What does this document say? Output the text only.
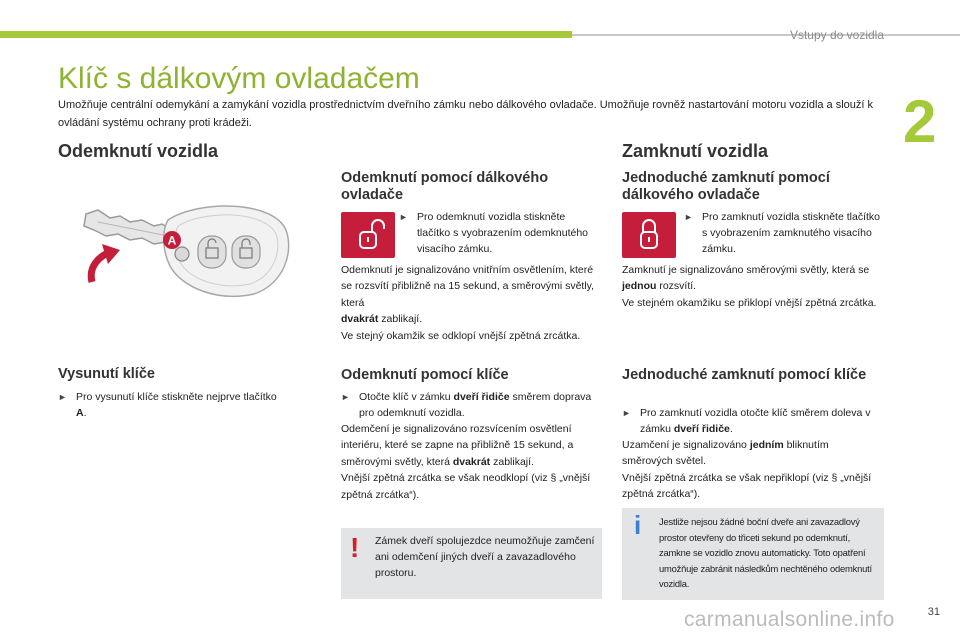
Vstupy do vozidla
2
Klíč s dálkovým ovladačem
Umožňuje centrální odemykání a zamykání vozidla prostřednictvím dveřního zámku nebo dálkového ovladače. Umožňuje rovněž nastartování motoru vozidla a slouží k ovládání systému ochrany proti krádeži.
Odemknutí vozidla
A
Vysunutí klíče
► Pro vysunutí klíče stiskněte nejprve tlačítko A.
Odemknutí pomocí dálkového ovladače
► Pro odemknutí vozidla stiskněte tlačítko s vyobrazením odemknutého visacího zámku.
Odemknutí je signalizováno vnitřním osvětlením, které se rozsvítí přibližně na 15 sekund, a směrovými světly, která
dvakrát zablikají.
Ve stejný okamžik se odklopí vnější zpětná zrcátka.
Odemknutí pomocí klíče
► Otočte klíč v zámku dveří řidiče směrem doprava pro odemknutí vozidla.
Odemčení je signalizováno rozsvícením osvětlení interiéru, které se zapne na přibližně 15 sekund, a směrovými světly, která dvakrát zablikají.
Vnější zpětná zrcátka se však neodklopí (viz § „vnější zpětná zrcátka“).
! Zámek dveří spolujezdce neumožňuje zamčení ani odemčení jiných dveří a zavazadlového prostoru.
Zamknutí vozidla
Jednoduché zamknutí pomocí dálkového ovladače
► Pro zamknutí vozidla stiskněte tlačítko s vyobrazením zamknutého visacího zámku.
Zamknutí je signalizováno směrovými světly, která se jednou rozsvítí.
Ve stejném okamžiku se přiklopí vnější zpětná zrcátka.
Jednoduché zamknutí pomocí klíče
► Pro zamknutí vozidla otočte klíč směrem doleva v zámku dveří řidiče.
Uzamčení je signalizováno jedním bliknutím směrových světel.
Vnější zpětná zrcátka se však nepřiklopí (viz § „vnější zpětná zrcátka“).
i Jestliže nejsou žádné boční dveře ani zavazadlový prostor otevřeny do třiceti sekund po odemknutí, zamkne se vozidlo znovu automaticky. Toto opatření umožňuje zabránit následkům nechtěného odemknutí vozidla.
carmanualsonline.info	31
